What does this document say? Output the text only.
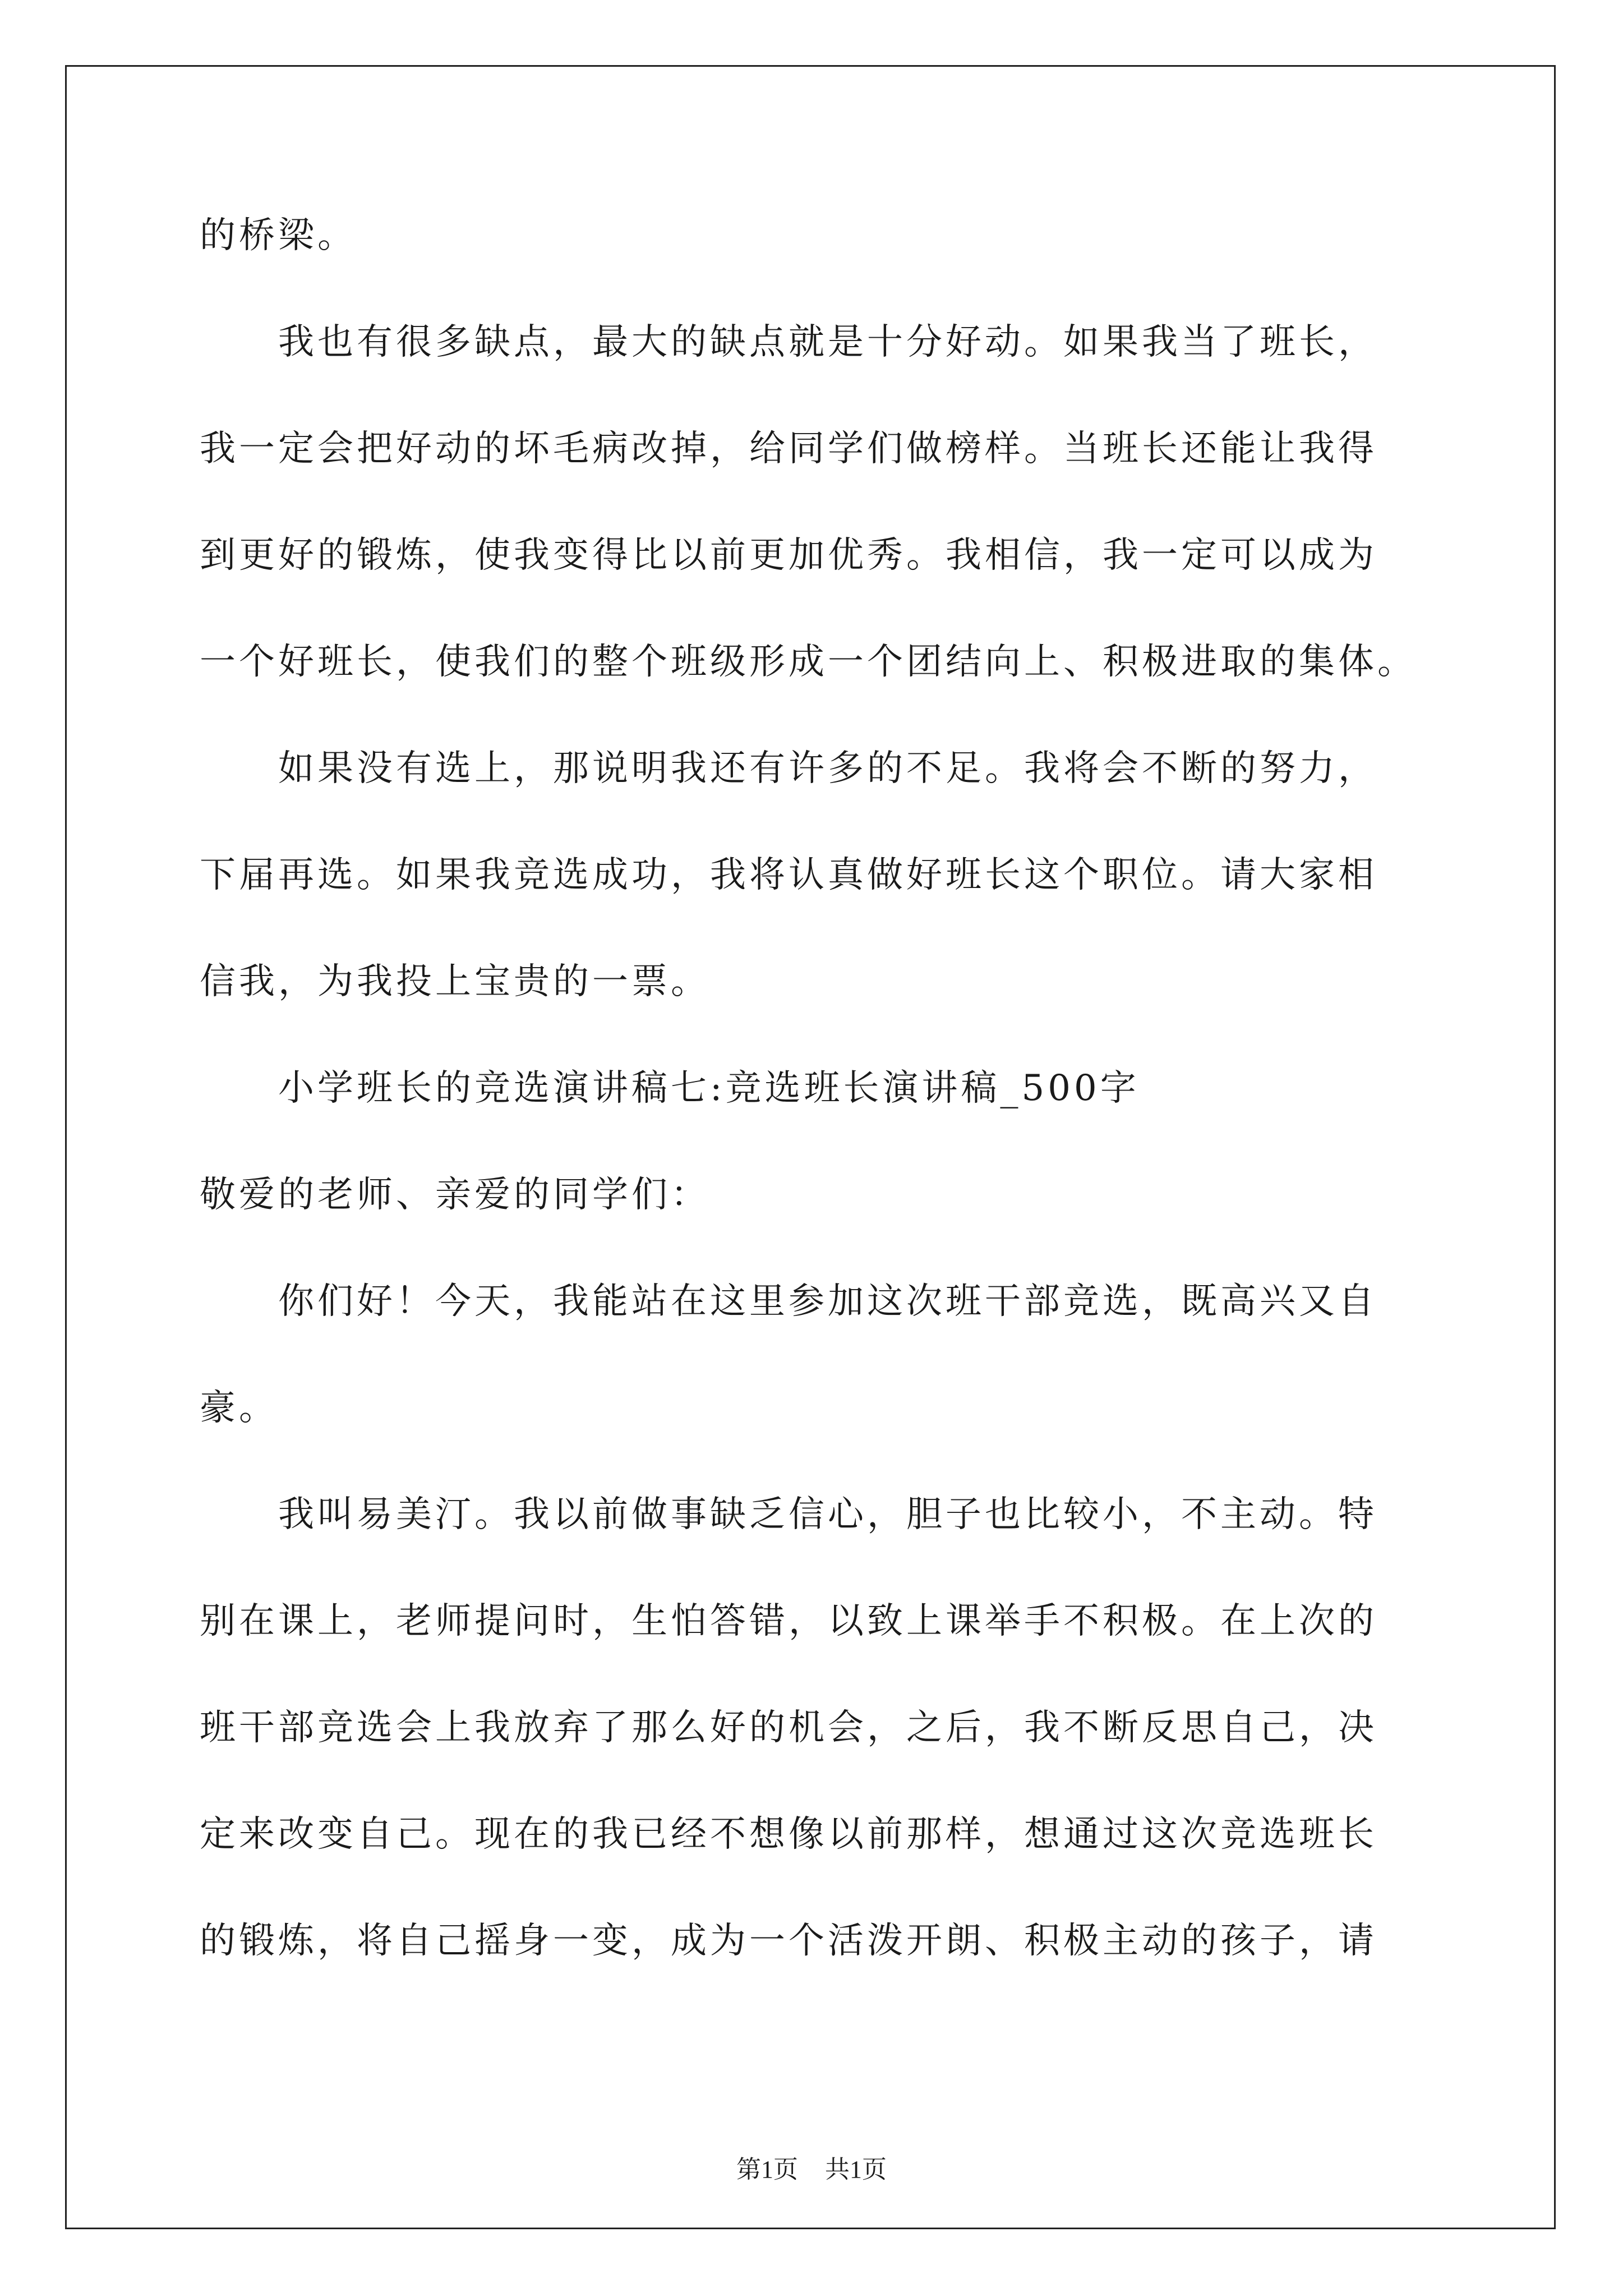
的桥梁。
　　我也有很多缺点，最大的缺点就是十分好动。如果我当了班长，
我一定会把好动的坏毛病改掉，给同学们做榜样。当班长还能让我得
到更好的锻炼，使我变得比以前更加优秀。我相信，我一定可以成为
一个好班长，使我们的整个班级形成一个团结向上、积极进取的集体。
　　如果没有选上，那说明我还有许多的不足。我将会不断的努力，
下届再选。如果我竞选成功，我将认真做好班长这个职位。请大家相
信我，为我投上宝贵的一票。
　　小学班长的竞选演讲稿七:竞选班长演讲稿_500字
敬爱的老师、亲爱的同学们：
　　你们好！今天，我能站在这里参加这次班干部竞选，既高兴又自
豪。
　　我叫易美汀。我以前做事缺乏信心，胆子也比较小，不主动。特
别在课上，老师提问时，生怕答错，以致上课举手不积极。在上次的
班干部竞选会上我放弃了那么好的机会，之后，我不断反思自己，决
定来改变自己。现在的我已经不想像以前那样，想通过这次竞选班长
的锻炼，将自己摇身一变，成为一个活泼开朗、积极主动的孩子，请
第1页 共1页
